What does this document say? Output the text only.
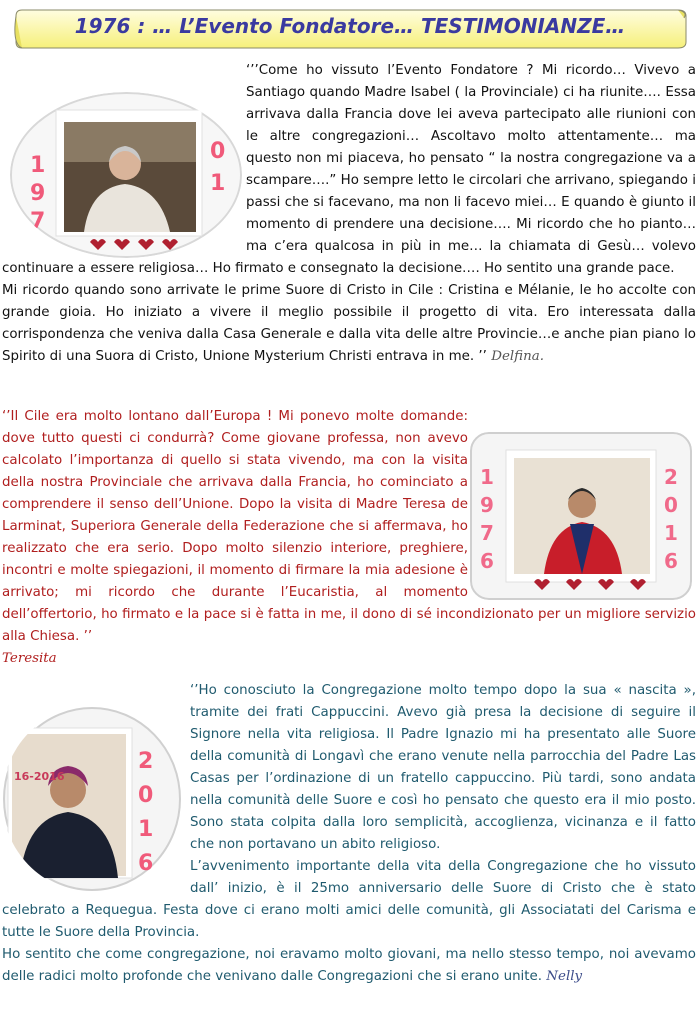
1976 : … L’Evento Fondatore… TESTIMONIANZE…
1
9
7
0
1
1
9
7
6
2
0
1
6
16-2016
2
0
1
6

‘’’Come ho vissuto l’Evento Fondatore ? Mi ricordo… Vivevo a Santiago quando Madre Isabel ( la Provinciale) ci ha riunite…. Essa arrivava dalla Francia dove lei aveva partecipato alle riunioni con le altre congregazioni… Ascoltavo molto attentamente… ma questo non mi piaceva, ho pensato “ la nostra congregazione va a scampare….” Ho sempre letto le circolari che arrivano, spiegando i passi che si facevano, ma non li facevo miei… E quando è giunto il momento di prendere una decisione…. Mi ricordo che ho pianto… ma c’era qualcosa in più in me… la chiamata di Gesù… volevo continuare a essere religiosa… Ho firmato e consegnato la decisione…. Ho sentito una grande pace.

Mi ricordo quando sono arrivate le prime Suore di Cristo in Cile : Cristina e Mélanie, le ho accolte con grande gioia. Ho iniziato a vivere il meglio possibile il progetto di vita. Ero interessata dalla corrispondenza che veniva dalla Casa Generale e dalla vita delle altre Provincie…e anche pian piano lo Spirito di una Suora di Cristo, Unione Mysterium Christi entrava in me. ’’ Delfina.

‘’Il Cile era molto lontano dall’Europa ! Mi ponevo molte domande: dove tutto questi ci condurrà? Come giovane professa, non avevo calcolato l’importanza di quello si stata vivendo, ma con la visita della nostra Provinciale che arrivava dalla Francia, ho cominciato a comprendere il senso dell’Unione. Dopo la visita di Madre Teresa de Larminat, Superiora Generale della Federazione che si affermava, ho realizzato che era serio. Dopo molto silenzio interiore, preghiere, incontri e molte spiegazioni, il momento di firmare la mia adesione è arrivato; mi ricordo che durante l’Eucaristia, al momento dell’offertorio, ho firmato e la pace si è fatta in me, il dono di sé incondizionato per un migliore servizio alla Chiesa. ’’

Teresita

‘’Ho conosciuto la Congregazione molto tempo dopo la sua « nascita », tramite dei frati Cappuccini. Avevo già presa la decisione di seguire il Signore nella vita religiosa. Il Padre Ignazio mi ha presentato alle Suore della comunità di Longavì che erano venute nella parrocchia del Padre Las Casas per l’ordinazione di un fratello cappuccino. Più tardi, sono andata nella comunità delle Suore e così ho pensato che questo era il mio posto. Sono stata colpita dalla loro semplicità, accoglienza, vicinanza e il fatto che non portavano un abito religioso.

L’avvenimento importante della vita della Congregazione che ho vissuto dall’ inizio, è il 25mo anniversario delle Suore di Cristo che è stato celebrato a Requegua. Festa dove ci erano molti amici delle comunità, gli Associatati del Carisma e tutte le Suore della Provincia.

Ho sentito che come congregazione, noi eravamo molto giovani, ma nello stesso tempo, noi avevamo delle radici molto profonde che venivano dalle Congregazioni che si erano unite. Nelly
